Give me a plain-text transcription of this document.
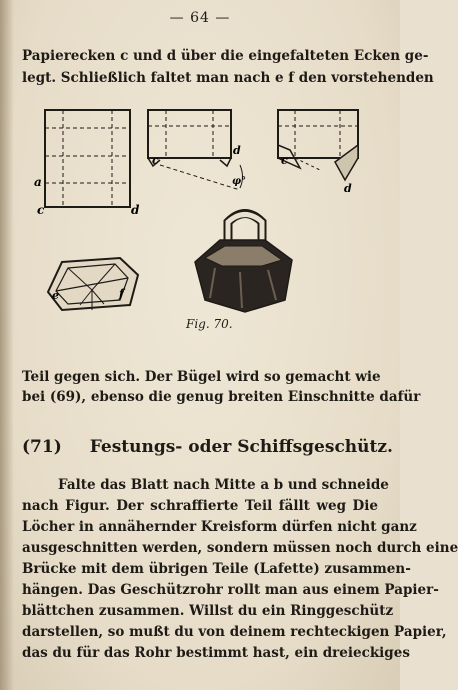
— 64 —
Papierecken c und d über die eingefalteten Ecken ge-
legt. Schließlich faltet man nach e f den vorstehenden
a
c	d
c
d
φ°
c
d
e	f
Fig. 70.
Teil gegen sich. Der Bügel wird so gemacht wie
bei (69), ebenso die genug breiten Einschnitte dafür
(71) Festungs- oder Schiffsgeschütz.
Falte das Blatt nach Mitte a b und schneide
nach Figur. Der schraffierte Teil fällt weg Die
Löcher in annähernder Kreisform dürfen nicht ganz
ausgeschnitten werden, sondern müssen noch durch eine
Brücke mit dem übrigen Teile (Lafette) zusammen-
hängen. Das Geschützrohr rollt man aus einem Papier-
blättchen zusammen. Willst du ein Ringgeschütz
darstellen, so mußt du von deinem rechteckigen Papier,
das du für das Rohr bestimmt hast, ein dreieckiges
